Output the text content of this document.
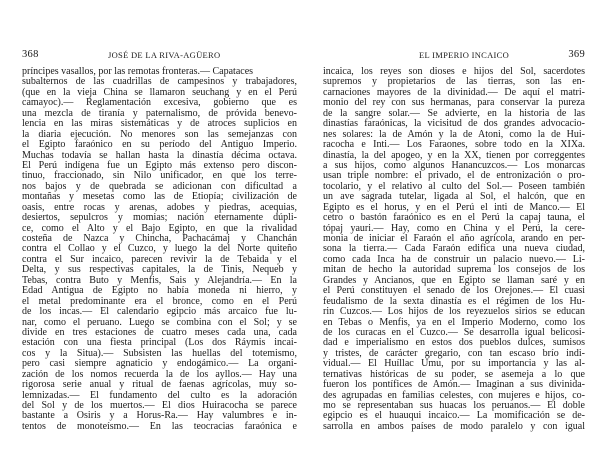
368	JOSÉ DE LA RIVA-AGÜERO
príncipes vasallos, por las remotas fronteras.— Capataces
subalternos de las cuadrillas de campesinos y trabajadores,
(que en la vieja China se llamaron seuchang y en el Perú
camayoc).— Reglamentación excesiva, gobierno que es
una mezcla de tiranía y paternalismo, de próvida benevo-
lencia en las miras sistemáticas y de atroces suplicios en
la diaria ejecución. No menores son las semejanzas con
el Egipto faraónico en su período del Antiguo Imperio.
Muchas todavía se hallan hasta la dinastía décima octava.
El Perú indígena fue un Egipto más extenso pero discon-
tinuo, fraccionado, sin Nilo unificador, en que los terre-
nos bajos y de quebrada se adicionan con dificultad a
montañas y mesetas como las de Etiopía; civilización de
oasis, entre rocas y arenas, adobes y piedras, acequias,
desiertos, sepulcros y momias; nación eternamente dúpli-
ce, como el Alto y el Bajo Egipto, en que la rivalidad
costeña de Nazca y Chincha, Pachacámaj y Chanchán
contra el Collao y el Cuzco, y luego la del Norte quiteño
contra el Sur incaico, parecen revivir la de Tebaida y el
Delta, y sus respectivas capitales, la de Tinis, Nequeb y
Tebas, contra Buto y Menfis, Sais y Alejandría.— En la
Edad Antigua de Egipto no había moneda ni hierro, y
el metal predominante era el bronce, como en el Perú
de los incas.— El calendario egipcio más arcaico fue lu-
nar, como el peruano. Luego se combina con el Sol; y se
divide en tres estaciones de cuatro meses cada una, cada
estación con una fiesta principal (Los dos Ráymis incai-
cos y la Situa).— Subsisten las huellas del totemismo,
pero casi siempre agnaticio y endogámico.— La organi-
zación de los nomos recuerda la de los ayllos.— Hay una
rigorosa serie anual y ritual de faenas agrícolas, muy so-
lemnizadas.— El fundamento del culto es la adoración
del Sol y de los muertos.— El dios Huiracocha se parece
bastante a Osiris y a Horus-Ra.— Hay valumbres e in-
tentos de monoteísmo.— En las teocracias faraónica e
EL IMPERIO INCAICO	369
incaica, los reyes son dioses e hijos del Sol, sacerdotes
supremos y propietarios de las tierras, son las en-
carnaciones mayores de la divinidad.— De aquí el matri-
monio del rey con sus hermanas, para conservar la pureza
de la sangre solar.— Se advierte, en la historia de las
dinastías faraónicas, la vicisitud de dos grandes advocacio-
nes solares: la de Amón y la de Atoni, como la de Hui-
racocha e Inti.— Los Faraones, sobre todo en la XIXa.
dinastía, la del apogeo, y en la XX, tienen por correggentes
a sus hijos, como algunos Hanancuzcos.— Los monarcas
usan triple nombre: el privado, el de entronización o pro-
tocolario, y el relativo al culto del Sol.— Poseen también
un ave sagrada tutelar, ligada al Sol, el halcón, que en
Egipto es el horus, y en el Perú el inti de Manco.— El
cetro o bastón faraónico es en el Perú la capaj tauna, el
tópaj yauri.— Hay, como en China y el Perú, la cere-
monia de iniciar el Faraón el año agrícola, arando en per-
sona la tierra.— Cada Faraón edifica una nueva ciudad,
como cada Inca ha de construir un palacio nuevo.— Li-
mitan de hecho la autoridad suprema los consejos de los
Grandes y Ancianos, que en Egipto se llaman saré y en
el Perú constituyen el senado de los Orejones.— El cuasi
feudalismo de la sexta dinastía es el régimen de los Hu-
rin Cuzcos.— Los hijos de los reyezuelos sirios se educan
en Tebas o Menfis, ya en el Imperio Moderno, como los
de los curacas en el Cuzco.— Se desarrolla igual belicosi-
dad e imperialismo en estos dos pueblos dulces, sumisos
y tristes, de carácter gregario, con tan escaso brío indi-
vidual.— El Huíllac Umu, por su importancia y las al-
ternativas históricas de su poder, se asemeja a lo que
fueron los pontífices de Amón.— Imaginan a sus divinida-
des agrupadas en familias celestes, con mujeres e hijos, co-
mo se representaban sus huacas los peruanos.— El doble
egipcio es el huauqui incaico.— La momificación se de-
sarrolla en ambos países de modo paralelo y con igual
